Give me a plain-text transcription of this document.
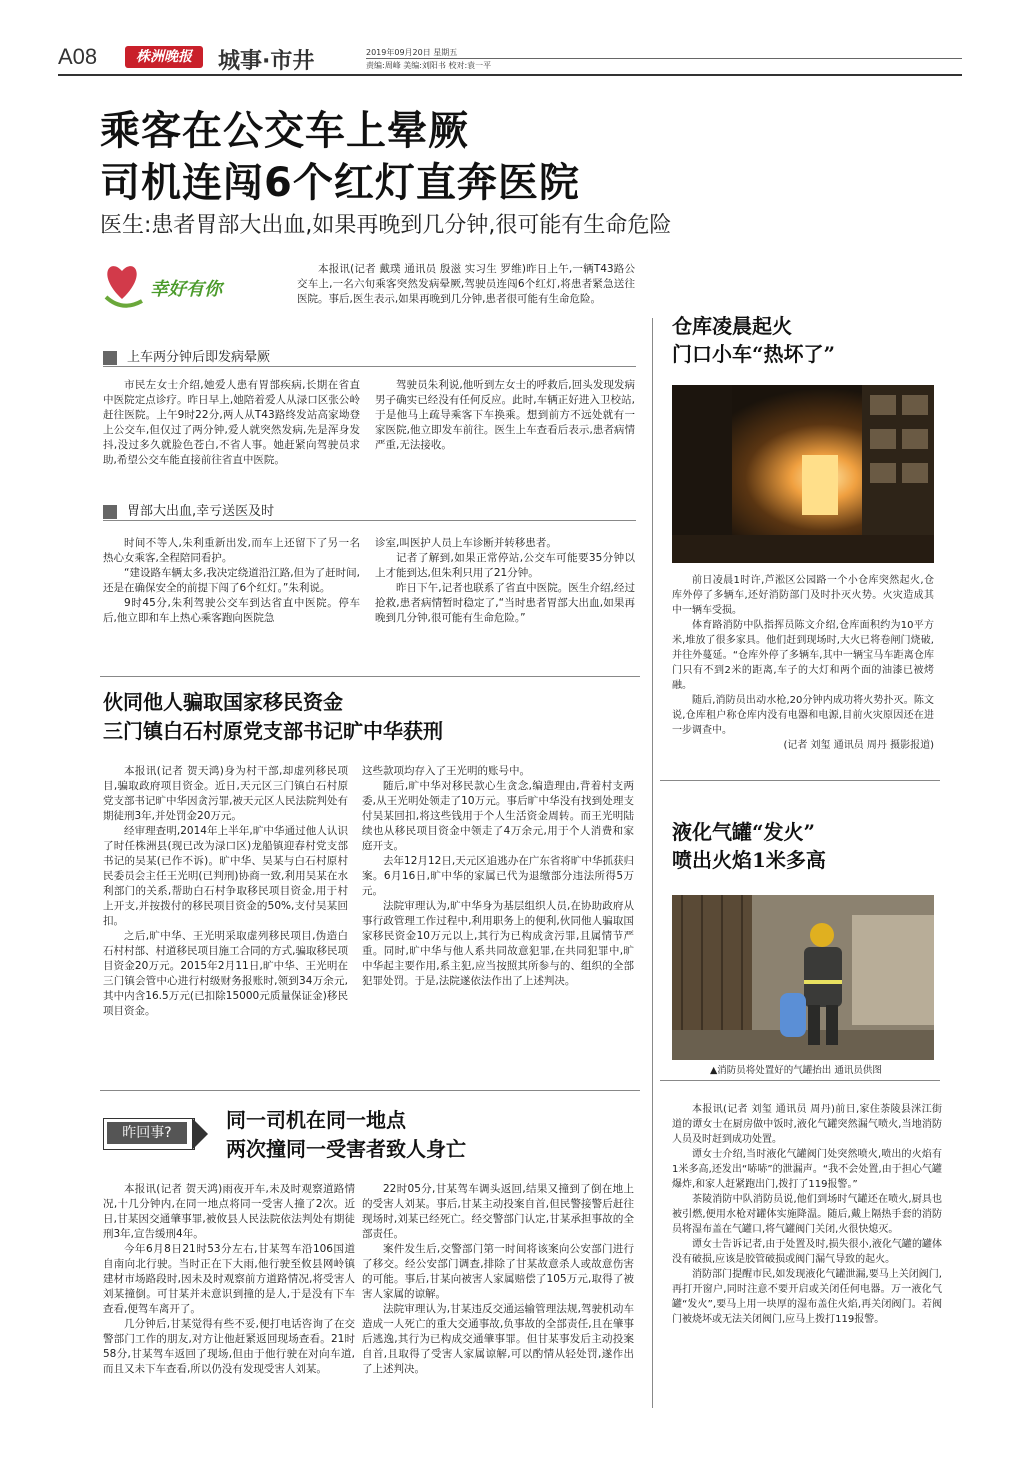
A08	株洲晚报	城事·市井	2019年09月20日 星期五
责编:周峰 美编:刘阳书 校对:袁一平
乘客在公交车上晕厥
司机连闯6个红灯直奔医院
医生:患者胃部大出血,如果再晚到几分钟,很可能有生命危险
幸好有你

本报讯(记者 戴璞 通讯员 殷滋 实习生 罗维)昨日上午,一辆T43路公交车上,一名六旬乘客突然发病晕厥,驾驶员连闯6个红灯,将患者紧急送往医院。事后,医生表示,如果再晚到几分钟,患者很可能有生命危险。

上车两分钟后即发病晕厥

市民左女士介绍,她爱人患有胃部疾病,长期在省直中医院定点诊疗。昨日早上,她陪着爱人从渌口区张公岭赶往医院。上午9时22分,两人从T43路终发站高家坳登上公交车,但仅过了两分钟,爱人就突然发病,先是浑身发抖,没过多久就脸色苍白,不省人事。她赶紧向驾驶员求助,希望公交车能直接前往省直中医院。

驾驶员朱利说,他听到左女士的呼救后,回头发现发病男子确实已经没有任何反应。此时,车辆正好进入卫校站,于是他马上疏导乘客下车换乘。想到前方不远处就有一家医院,他立即发车前往。医生上车查看后表示,患者病情严重,无法接收。

胃部大出血,幸亏送医及时

时间不等人,朱利重新出发,而车上还留下了另一名热心女乘客,全程陪同看护。

“建设路车辆太多,我决定绕道沿江路,但为了赶时间,还是在确保安全的前提下闯了6个红灯。”朱利说。

9时45分,朱利驾驶公交车到达省直中医院。停车后,他立即和车上热心乘客跑向医院急

诊室,叫医护人员上车诊断并转移患者。

记者了解到,如果正常停站,公交车可能要35分钟以上才能到达,但朱利只用了21分钟。

昨日下午,记者也联系了省直中医院。医生介绍,经过抢救,患者病情暂时稳定了,“当时患者胃部大出血,如果再晚到几分钟,很可能有生命危险。”

伙同他人骗取国家移民资金
三门镇白石村原党支部书记旷中华获刑

本报讯(记者 贺天鸿)身为村干部,却虚列移民项目,骗取政府项目资金。近日,天元区三门镇白石村原党支部书记旷中华因贪污罪,被天元区人民法院判处有期徒刑3年,并处罚金20万元。

经审理查明,2014年上半年,旷中华通过他人认识了时任株洲县(现已改为渌口区)龙船镇迎春村党支部书记的吴某(已作不诉)。旷中华、吴某与白石村原村民委员会主任王光明(已判刑)协商一致,利用吴某在水利部门的关系,帮助白石村争取移民项目资金,用于村上开支,并按拨付的移民项目资金的50%,支付吴某回扣。

之后,旷中华、王光明采取虚列移民项目,伪造白石村村部、村道移民项目施工合同的方式,骗取移民项目资金20万元。2015年2月11日,旷中华、王光明在三门镇会管中心进行村级财务报账时,领到34万余元,其中内含16.5万元(已扣除15000元质量保证金)移民项目资金。

这些款项均存入了王光明的账号中。

随后,旷中华对移民款心生贪念,编造理由,背着村支两委,从王光明处领走了10万元。事后旷中华没有找到处理支付吴某回扣,将这些钱用于个人生活资金周转。而王光明陆续也从移民项目资金中领走了4万余元,用于个人消费和家庭开支。

去年12月12日,天元区追逃办在广东省将旷中华抓获归案。6月16日,旷中华的家属已代为退缴部分违法所得5万元。

法院审理认为,旷中华身为基层组织人员,在协助政府从事行政管理工作过程中,利用职务上的便利,伙同他人骗取国家移民资金10万元以上,其行为已构成贪污罪,且属情节严重。同时,旷中华与他人系共同故意犯罪,在共同犯罪中,旷中华起主要作用,系主犯,应当按照其所参与的、组织的全部犯罪处罚。于是,法院遂依法作出了上述判决。

昨回事?
同一司机在同一地点
两次撞同一受害者致人身亡

本报讯(记者 贺天鸿)雨夜开车,未及时观察道路情况,十几分钟内,在同一地点将同一受害人撞了2次。近日,甘某因交通肇事罪,被攸县人民法院依法判处有期徒刑3年,宣告缓刑4年。

今年6月8日21时53分左右,甘某驾车沿106国道自南向北行驶。当时正在下大雨,他行驶至攸县网岭镇建材市场路段时,因未及时观察前方道路情况,将受害人刘某撞倒。可甘某并未意识到撞的是人,于是没有下车查看,便驾车离开了。

几分钟后,甘某觉得有些不妥,便打电话咨询了在交警部门工作的朋友,对方让他赶紧返回现场查看。21时58分,甘某驾车返回了现场,但由于他行驶在对向车道,而且又未下车查看,所以仍没有发现受害人刘某。

22时05分,甘某驾车调头返回,结果又撞到了倒在地上的受害人刘某。事后,甘某主动投案自首,但民警接警后赶往现场时,刘某已经死亡。经交警部门认定,甘某承担事故的全部责任。

案件发生后,交警部门第一时间将该案向公安部门进行了移交。经公安部门调查,排除了甘某故意杀人或故意伤害的可能。事后,甘某向被害人家属赔偿了105万元,取得了被害人家属的谅解。

法院审理认为,甘某违反交通运输管理法规,驾驶机动车造成一人死亡的重大交通事故,负事故的全部责任,且在肇事后逃逸,其行为已构成交通肇事罪。但甘某事发后主动投案自首,且取得了受害人家属谅解,可以酌情从轻处罚,遂作出了上述判决。

仓库凌晨起火
门口小车“热坏了”

前日凌晨1时许,芦淞区公园路一个小仓库突然起火,仓库外停了多辆车,还好消防部门及时扑灭火势。火灾造成其中一辆车受损。

体育路消防中队指挥员陈文介绍,仓库面积约为10平方米,堆放了很多家具。他们赶到现场时,大火已将卷闸门烧破,并往外蔓延。“仓库外停了多辆车,其中一辆宝马车距离仓库门只有不到2米的距离,车子的大灯和两个面的油漆已被烤融。

随后,消防员出动水枪,20分钟内成功将火势扑灭。陈文说,仓库租户称仓库内没有电器和电源,目前火灾原因还在进一步调查中。

(记者 刘玺 通讯员 周丹 摄影报道)
液化气罐“发火”
喷出火焰1米多高
▲消防员将处置好的气罐抬出 通讯员供图

本报讯(记者 刘玺 通讯员 周丹)前日,家住荼陵县洣江街道的谭女士在厨房做中饭时,液化气罐突然漏气喷火,当地消防人员及时赶到成功处置。

谭女士介绍,当时液化气罐阀门处突然喷火,喷出的火焰有1米多高,还发出“哧哧”的泄漏声。“我不会处置,由于担心气罐爆炸,和家人赶紧跑出门,拨打了119报警。”

茶陵消防中队消防员说,他们到场时气罐还在喷火,厨具也被引燃,便用水枪对罐体实施降温。随后,戴上隔热手套的消防员将湿布盖在气罐口,将气罐阀门关闭,火很快熄灭。

谭女士告诉记者,由于处置及时,损失很小,液化气罐的罐体没有破损,应该是胶管破损或阀门漏气导致的起火。

消防部门提醒市民,如发现液化气罐泄漏,要马上关闭阀门,再打开窗户,同时注意不要开启或关闭任何电器。万一液化气罐“发火”,要马上用一块厚的湿布盖住火焰,再关闭阀门。若阀门被烧坏或无法关闭阀门,应马上拨打119报警。
